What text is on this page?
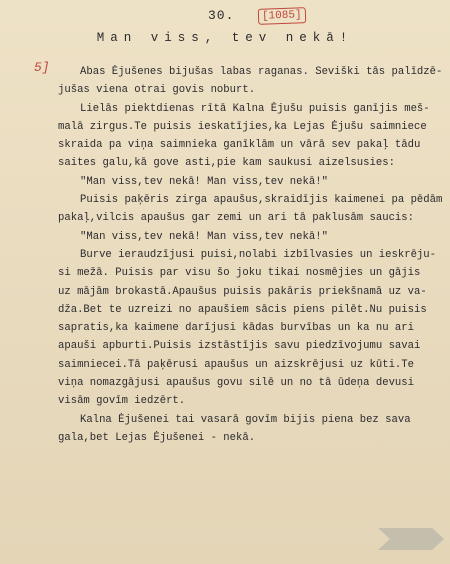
30.	[1085]
Man viss, tev nekā!
5]	Abas Ėjušenes bijušas labas raganas. Seviški tās palīdzē-
jušas viena otrai govis noburt.
Lielās piektdienas rītā Kalna Ėjušu puisis ganījis meš-
malā zirgus.Te puisis ieskatījies,ka Lejas Ėjušu saimniece
skraida pa viņa saimnieka ganīklām un vārā sev pakaļ tādu
saites galu,kā gove asti,pie kam saukusi aizelsusies:
"Man viss,tev nekā! Man viss,tev nekā!"
Puisis paķēris zirga apaušus,skraidījis kaimenei pa pēdām
pakaļ,vilcis apaušus gar zemi un ari tā paklusām saucis:
"Man viss,tev nekā! Man viss,tev nekā!"
Burve ieraudzījusi puisi,nolabi izbīlvasies un ieskrēju-
si mežā. Puisis par visu šo joku tikai nosmējies un gājis
uz mājām brokastā.Apaušus puisis pakāris priekšnamā uz va-
dža.Bet te uzreizi no apaušiem sācis piens pilēt.Nu puisis
sapratis,ka kaimene darījusi kādas burvības un ka nu ari
apauši apburti.Puisis izstāstījis savu piedzīvojumu savai
saimniecei.Tā paķērusi apaušus un aizskrējusi uz kūti.Te
viņa nomazgājusi apaušus govu silē un no tā ūdeņa devusi
visām govīm iedzērt.
Kalna Ėjušenei tai vasarā govīm bijis piena bez sava
gala,bet Lejas Ėjušenei - nekā.
